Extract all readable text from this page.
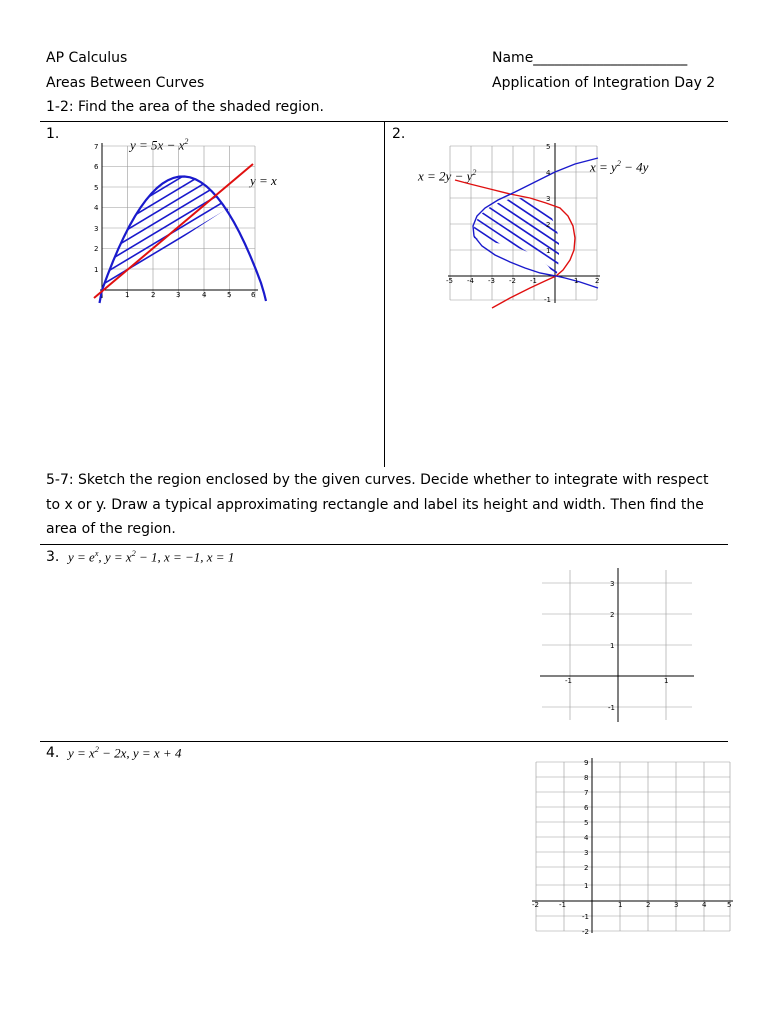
AP Calculus	Name______________________
Areas Between Curves	Application of Integration Day 2
1-2: Find the area of the shaded region.
1.
$y = 5x - x^2$
y = x
7
6
5
4
3
2
1
1	2	3	4	5	6
2.
$x = 2y - y^2$	$x = y^2 - 4y$
5
4
3
2
1
-1
-5 -4 -3 -2 -1	1 2
5-7: Sketch the region enclosed by the given curves. Decide whether to integrate with respect
to x or y. Draw a typical approximating rectangle and label its height and width. Then find the
area of the region.
3. $y = e^x$, $y = x^2 - 1$, x = −1, x = 1
3
2
1
-1
-1	1
4. $y = x^2 - 2x$, y = x + 4
9
8
7
6
5
4
3
2
1
-1
-2
-2	-1	1	2	3	4	5
